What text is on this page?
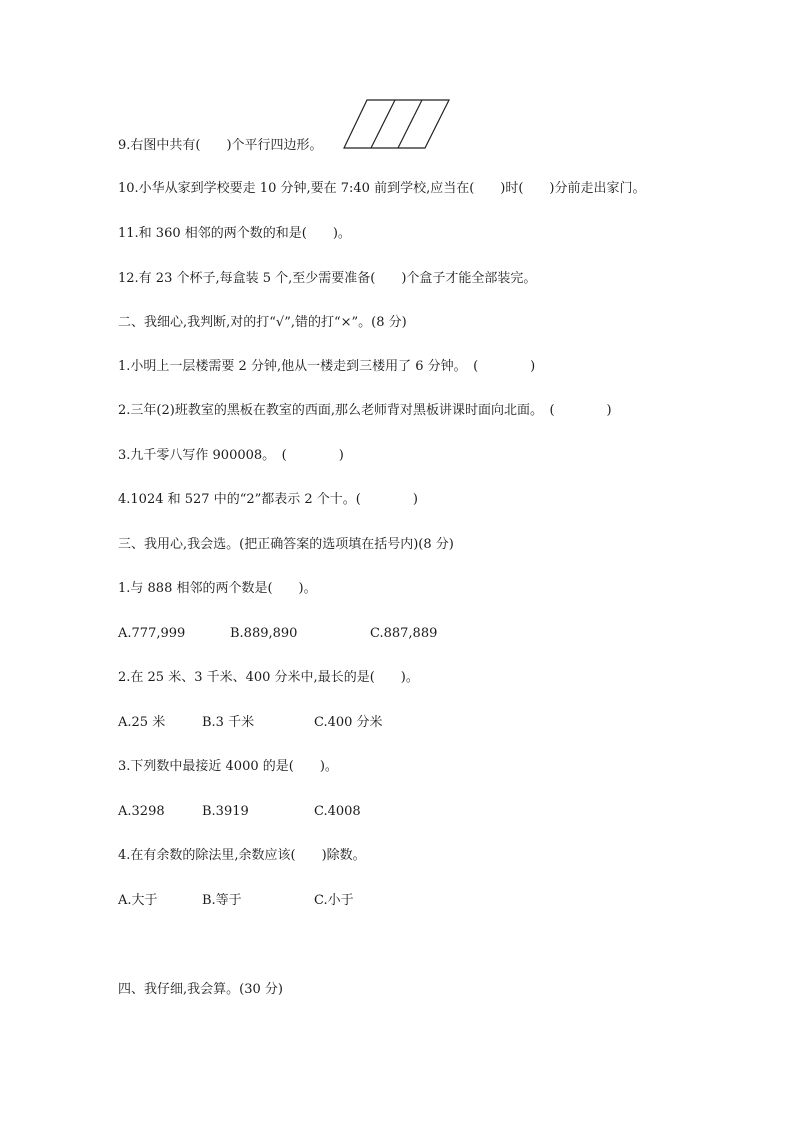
9.右图中共有(　　)个平行四边形。
10.小华从家到学校要走 10 分钟,要在 7:40 前到学校,应当在(　　)时(　　)分前走出家门。
11.和 360 相邻的两个数的和是(　　)。
12.有 23 个杯子,每盒装 5 个,至少需要准备(　　)个盒子才能全部装完。
二、我细心,我判断,对的打“√”,错的打“×”。(8 分)
1.小明上一层楼需要 2 分钟,他从一楼走到三楼用了 6 分钟。　(　　　　)
2.三年(2)班教室的黑板在教室的西面,那么老师背对黑板讲课时面向北面。　(　　　　)
3.九千零八写作 900008。　(　　　　)
4.1024 和 527 中的“2”都表示 2 个十。(　　　　)
三、我用心,我会选。(把正确答案的选项填在括号内)(8 分)
1.与 888 相邻的两个数是(　　)。

A.777,999

	B.889,890

	C.887,889

2.在 25 米、3 千米、400 分米中,最长的是(　　)。

A.25 米

	B.3 千米

	C.400 分米

3.下列数中最接近 4000 的是(　　)。

A.3298

	B.3919

	C.4008

4.在有余数的除法里,余数应该(　　)除数。

A.大于

	B.等于

	C.小于

四、我仔细,我会算。(30 分)
